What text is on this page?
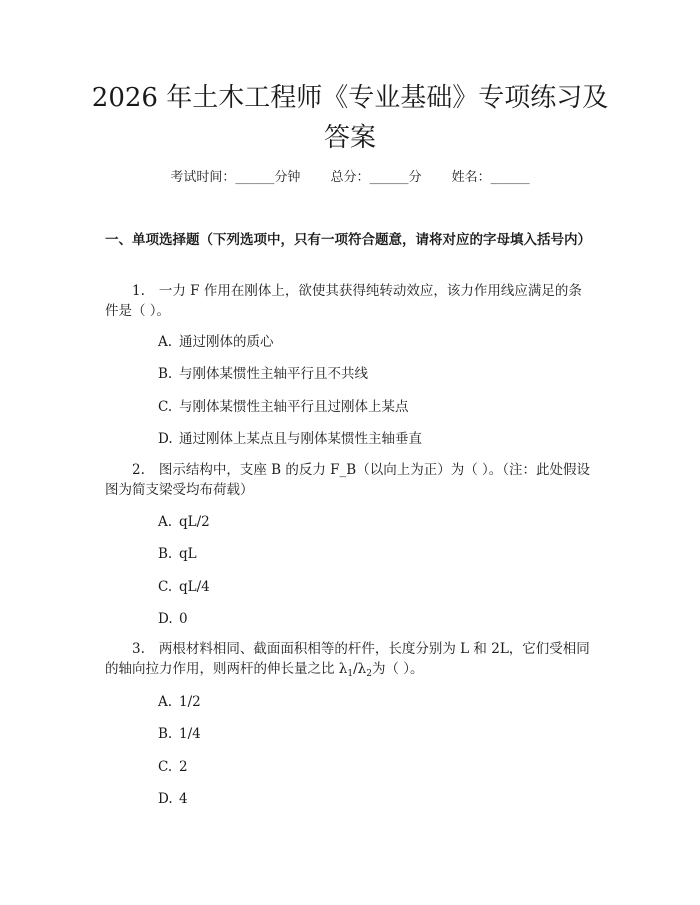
2026 年土木工程师《专业基础》专项练习及答案
考试时间：______分钟 总分：______分 姓名：______
一、单项选择题（下列选项中，只有一项符合题意，请将对应的字母填入括号内）
1. 一力 F 作用在刚体上，欲使其获得纯转动效应，该力作用线应满足的条件是（ ）。
A. 通过刚体的质心
B. 与刚体某惯性主轴平行且不共线
C. 与刚体某惯性主轴平行且过刚体上某点
D. 通过刚体上某点且与刚体某惯性主轴垂直
2. 图示结构中，支座 B 的反力 F_B（以向上为正）为（ ）。（注：此处假设图为简支梁受均布荷载）
A. qL/2
B. qL
C. qL/4
D. 0
3. 两根材料相同、截面面积相等的杆件，长度分别为 L 和 2L，它们受相同的轴向拉力作用，则两杆的伸长量之比 $\lambda_1/\lambda_2$为（ ）。
A. 1/2
B. 1/4
C. 2
D. 4
